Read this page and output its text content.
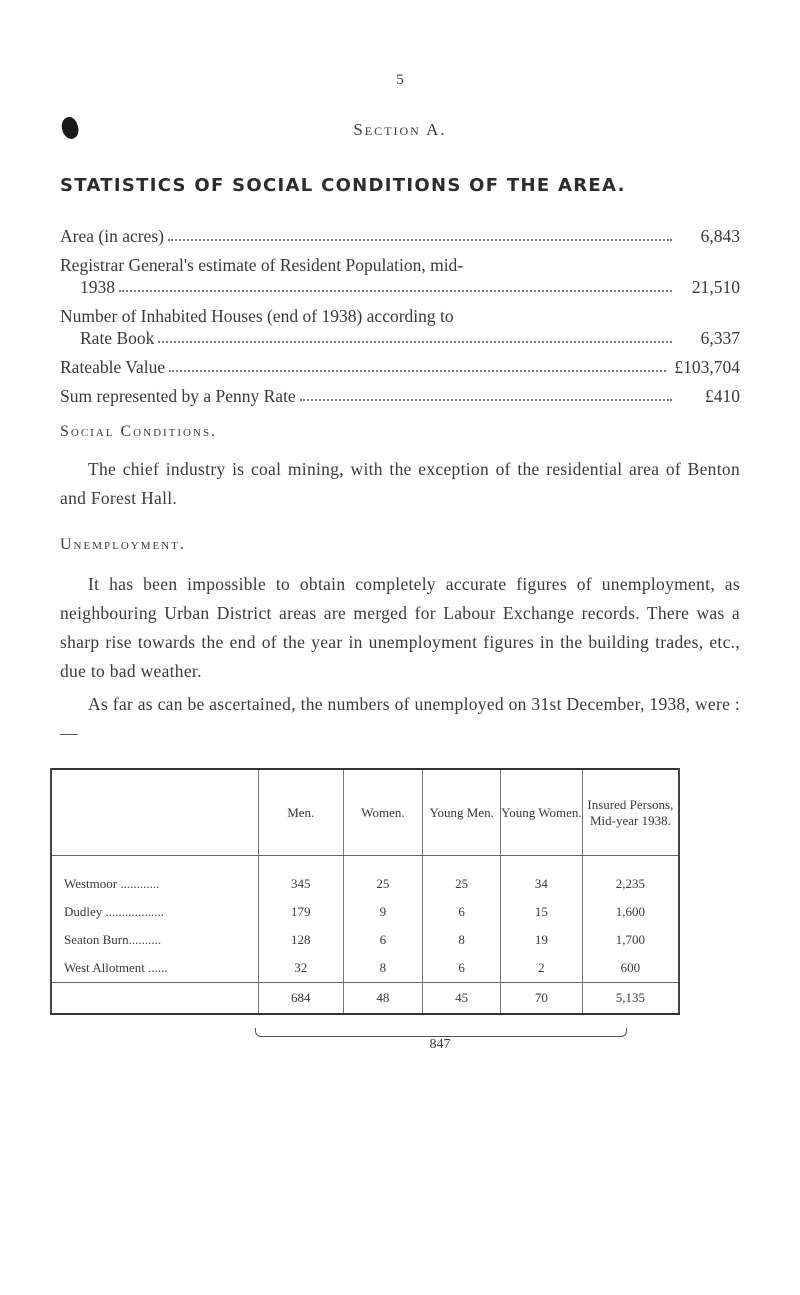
5
Section A.
STATISTICS OF SOCIAL CONDITIONS OF THE AREA.
Area (in acres)	6,843
Registrar General's estimate of Resident Population, mid-
1938	21,510
Number of Inhabited Houses (end of 1938) according to
Rate Book	6,337
Rateable Value	£103,704
Sum represented by a Penny Rate	£410
Social Conditions.
The chief industry is coal mining, with the exception of the residential area of Benton and Forest Hall.
Unemployment.
It has been impossible to obtain completely accurate figures of unemployment, as neighbouring Urban District areas are merged for Labour Exchange records. There was a sharp rise towards the end of the year in unemployment figures in the building trades, etc., due to bad weather.
As far as can be ascertained, the numbers of unemployed on 31st December, 1938, were :—
	Men.	Women.	Young Men.	Young Women.	Insured Persons, Mid-year 1938.
Westmoor ............	345	25	25	34	2,235
Dudley ..................	179	9	6	15	1,600
Seaton Burn..........	128	6	8	19	1,700
West Allotment ......	32	8	6	2	600
	684	48	45	70	5,135
847
